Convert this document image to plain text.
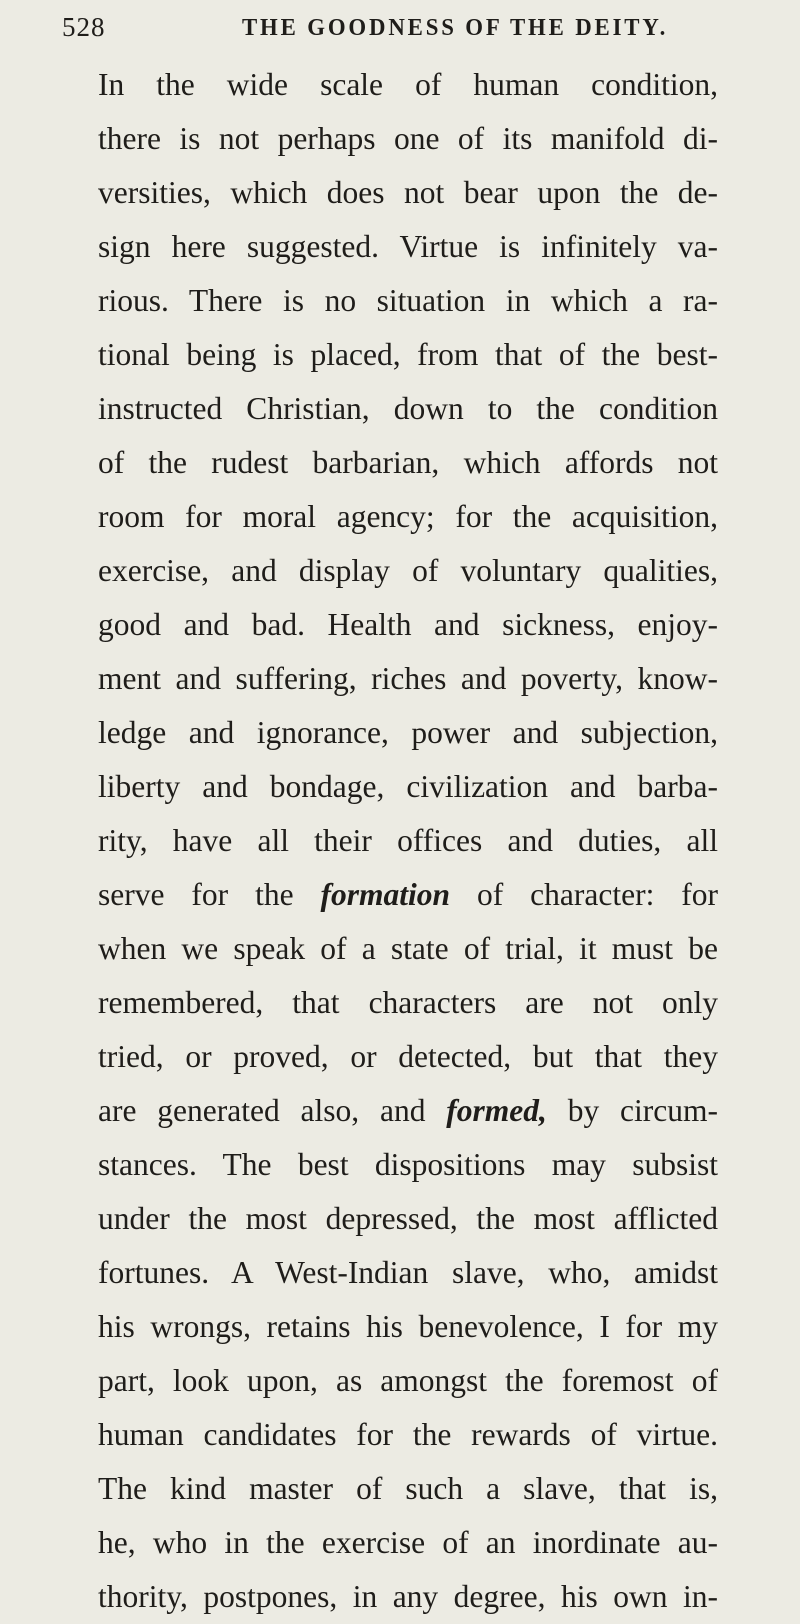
528	THE GOODNESS OF THE DEITY.
In the wide scale of human condition,
there is not perhaps one of its manifold di-
versities, which does not bear upon the de-
sign here suggested. Virtue is infinitely va-
rious. There is no situation in which a ra-
tional being is placed, from that of the best-
instructed Christian, down to the condition
of the rudest barbarian, which affords not
room for moral agency; for the acquisition,
exercise, and display of voluntary qualities,
good and bad. Health and sickness, enjoy-
ment and suffering, riches and poverty, know-
ledge and ignorance, power and subjection,
liberty and bondage, civilization and barba-
rity, have all their offices and duties, all
serve for the formation of character: for
when we speak of a state of trial, it must be
remembered, that characters are not only
tried, or proved, or detected, but that they
are generated also, and formed, by circum-
stances. The best dispositions may subsist
under the most depressed, the most afflicted
fortunes. A West-Indian slave, who, amidst
his wrongs, retains his benevolence, I for my
part, look upon, as amongst the foremost of
human candidates for the rewards of virtue.
The kind master of such a slave, that is,
he, who in the exercise of an inordinate au-
thority, postpones, in any degree, his own in-
